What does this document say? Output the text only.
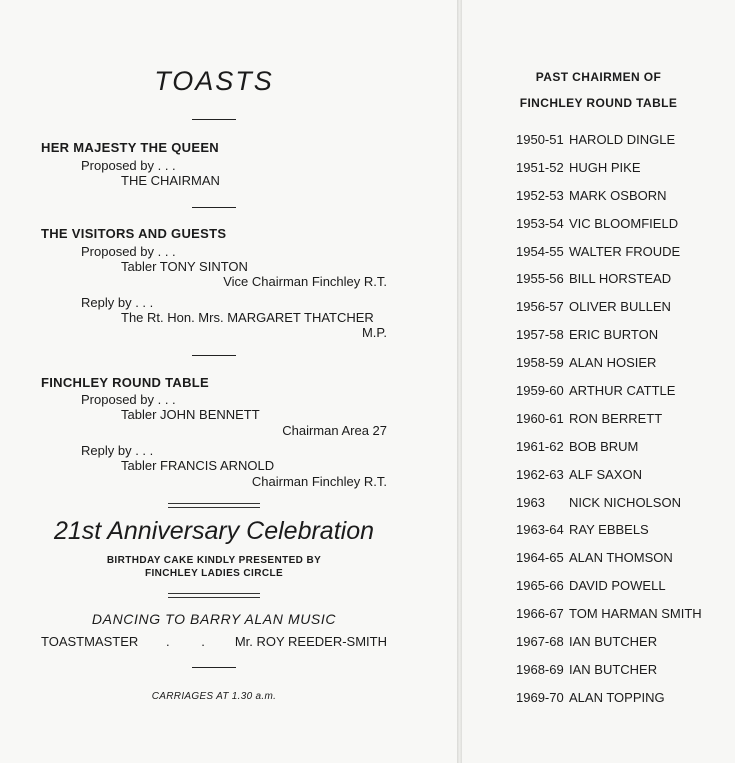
TOASTS
HER MAJESTY THE QUEEN
Proposed by . . .
THE CHAIRMAN
THE VISITORS AND GUESTS
Proposed by . . .
Tabler TONY SINTON
Vice Chairman Finchley R.T.
Reply by . . .
The Rt. Hon. Mrs. MARGARET THATCHER
M.P.
FINCHLEY ROUND TABLE
Proposed by . . .
Tabler JOHN BENNETT
Chairman Area 27
Reply by . . .
Tabler FRANCIS ARNOLD
Chairman Finchley R.T.
21st Anniversary Celebration
BIRTHDAY CAKE KINDLY PRESENTED BY
FINCHLEY LADIES CIRCLE
DANCING TO BARRY ALAN MUSIC
TOASTMASTER . . Mr. ROY REEDER-SMITH
CARRIAGES AT 1.30 a.m.
PAST CHAIRMEN OF
FINCHLEY ROUND TABLE
1950-51 HAROLD DINGLE
1951-52 HUGH PIKE
1952-53 MARK OSBORN
1953-54 VIC BLOOMFIELD
1954-55 WALTER FROUDE
1955-56 BILL HORSTEAD
1956-57 OLIVER BULLEN
1957-58 ERIC BURTON
1958-59 ALAN HOSIER
1959-60 ARTHUR CATTLE
1960-61 RON BERRETT
1961-62 BOB BRUM
1962-63 ALF SAXON
1963	NICK NICHOLSON
1963-64 RAY EBBELS
1964-65 ALAN THOMSON
1965-66 DAVID POWELL
1966-67 TOM HARMAN SMITH
1967-68 IAN BUTCHER
1968-69 IAN BUTCHER
1969-70 ALAN TOPPING
